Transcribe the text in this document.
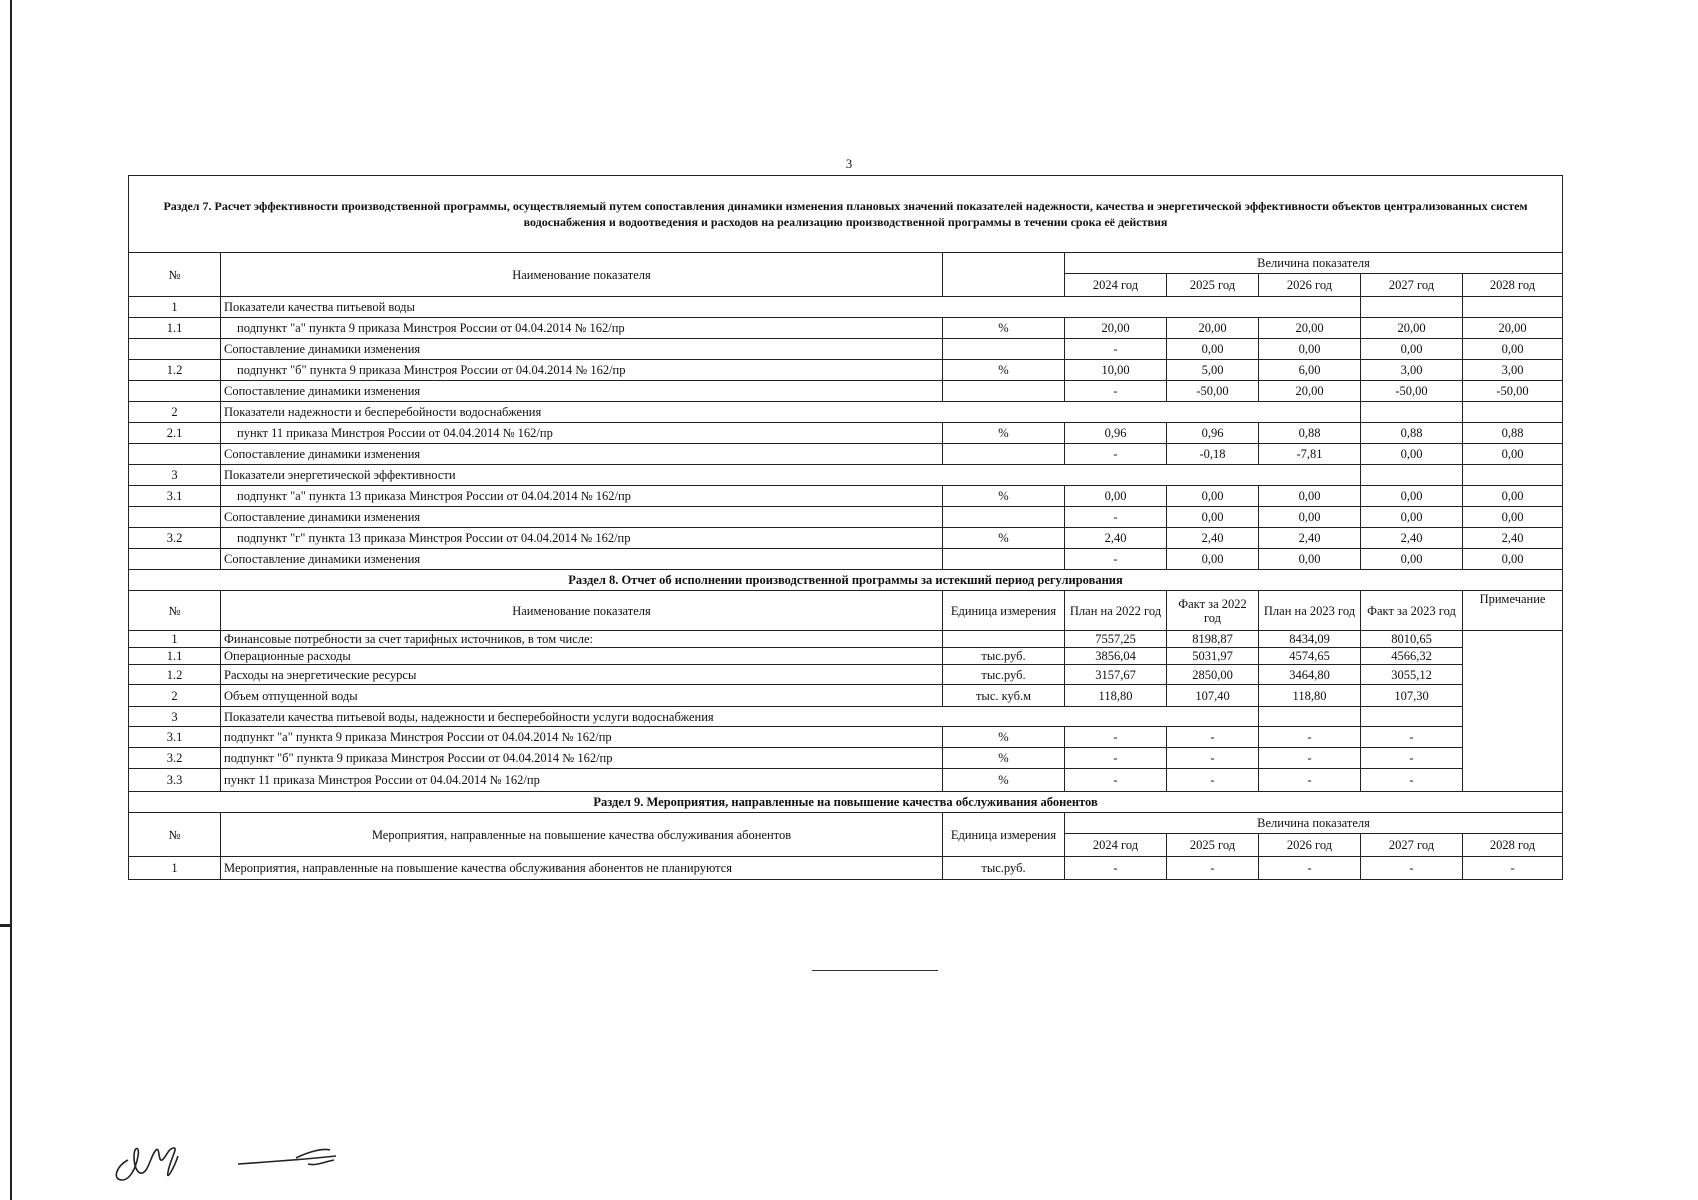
3
Раздел 7. Расчет эффективности производственной программы, осуществляемый путем сопоставления динамики изменения плановых значений показателей надежности, качества и энергетической эффективности объектов централизованных систем водоснабжения и водоотведения и расходов на реализацию производственной программы в течении срока её действия							
№	Наименование показателя		Величина показателя				
			2024 год	2025 год	2026 год	2027 год	2028 год
1	Показатели качества питьевой воды						
1.1	подпункт "а" пункта 9 приказа Минстроя России от 04.04.2014 № 162/пр	%	20,00	20,00	20,00	20,00	20,00
	Сопоставление динамики изменения		-	0,00	0,00	0,00	0,00
1.2	подпункт "б" пункта 9 приказа Минстроя России от 04.04.2014 № 162/пр	%	10,00	5,00	6,00	3,00	3,00
	Сопоставление динамики изменения		-	-50,00	20,00	-50,00	-50,00
2	Показатели надежности и бесперебойности водоснабжения						
2.1	пункт 11 приказа Минстроя России от 04.04.2014 № 162/пр	%	0,96	0,96	0,88	0,88	0,88
	Сопоставление динамики изменения		-	-0,18	-7,81	0,00	0,00
3	Показатели энергетической эффективности						
3.1	подпункт "а" пункта 13 приказа Минстроя России от 04.04.2014 № 162/пр	%	0,00	0,00	0,00	0,00	0,00
	Сопоставление динамики изменения		-	0,00	0,00	0,00	0,00
3.2	подпункт "г" пункта 13 приказа Минстроя России от 04.04.2014 № 162/пр	%	2,40	2,40	2,40	2,40	2,40
	Сопоставление динамики изменения		-	0,00	0,00	0,00	0,00
Раздел 8. Отчет об исполнении производственной программы за истекший период регулирования							
№	Наименование показателя	Единица измерения	План на 2022 год	Факт за 2022 год	План на 2023 год	Факт за 2023 год	Примечание
1	Финансовые потребности за счет тарифных источников, в том числе:		7557,25	8198,87	8434,09	8010,65	
1.1	Операционные расходы	тыс.руб.	3856,04	5031,97	4574,65	4566,32	
1.2	Расходы на энергетические ресурсы	тыс.руб.	3157,67	2850,00	3464,80	3055,12	
2	Объем отпущенной воды	тыс. куб.м	118,80	107,40	118,80	107,30	
3	Показатели качества питьевой воды, надежности и бесперебойности услуги водоснабжения						
3.1	подпункт "а" пункта 9 приказа Минстроя России от 04.04.2014 № 162/пр	%	-	-	-	-	
3.2	подпункт "б" пункта 9 приказа Минстроя России от 04.04.2014 № 162/пр	%	-	-	-	-	
3.3	пункт 11 приказа Минстроя России от 04.04.2014 № 162/пр	%	-	-	-	-	
Раздел 9. Мероприятия, направленные на повышение качества обслуживания абонентов							
№	Мероприятия, направленные на повышение качества обслуживания абонентов	Единица измерения	Величина показателя				
			2024 год	2025 год	2026 год	2027 год	2028 год
1	Мероприятия, направленные на повышение качества обслуживания абонентов не планируются	тыс.руб.	-	-	-	-	-
